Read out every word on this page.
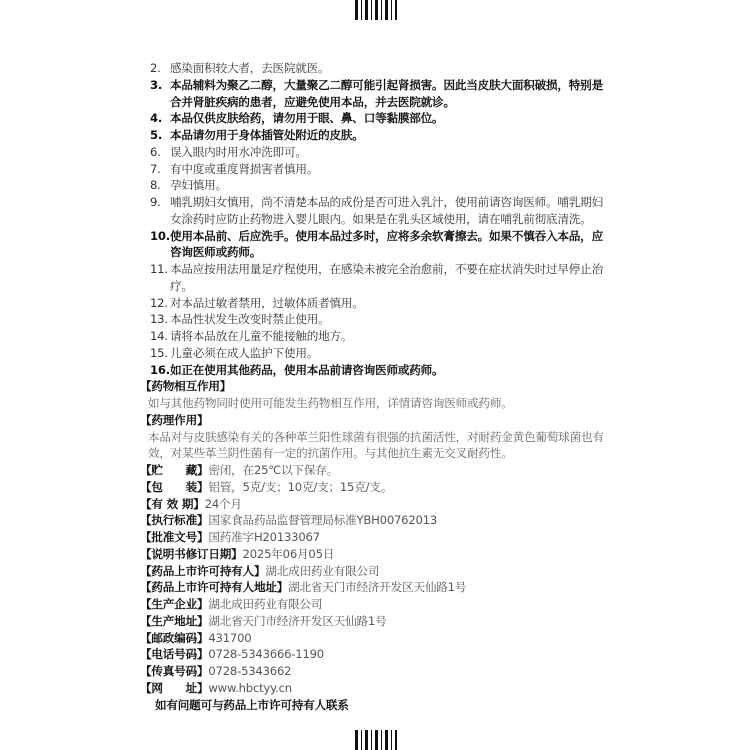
2. 感染面积较大者，去医院就医。
3. 本品辅料为聚乙二醇，大量聚乙二醇可能引起肾损害。因此当皮肤大面积破损，特别是合并肾脏疾病的患者，应避免使用本品，并去医院就诊。
4. 本品仅供皮肤给药，请勿用于眼、鼻、口等黏膜部位。
5. 本品请勿用于身体插管处附近的皮肤。
6. 误入眼内时用水冲洗即可。
7. 有中度或重度肾损害者慎用。
8. 孕妇慎用。
9. 哺乳期妇女慎用，尚不清楚本品的成份是否可进入乳汁，使用前请咨询医师。哺乳期妇女涂药时应防止药物进入婴儿眼内。如果是在乳头区域使用，请在哺乳前彻底清洗。
10. 使用本品前、后应洗手。使用本品过多时，应将多余软膏擦去。如果不慎吞入本品，应咨询医师或药师。
11. 本品应按用法用量足疗程使用，在感染未被完全治愈前，不要在症状消失时过早停止治疗。
12. 对本品过敏者禁用，过敏体质者慎用。
13. 本品性状发生改变时禁止使用。
14. 请将本品放在儿童不能接触的地方。
15. 儿童必须在成人监护下使用。
16. 如正在使用其他药品，使用本品前请咨询医师或药师。
【药物相互作用】
如与其他药物同时使用可能发生药物相互作用，详情请咨询医师或药师。
【药理作用】
本品对与皮肤感染有关的各种革兰阳性球菌有很强的抗菌活性，对耐药金黄色葡萄球菌也有效，对某些革兰阴性菌有一定的抗菌作用。与其他抗生素无交叉耐药性。
【贮　　藏】密闭，在25℃以下保存。
【包　　装】铝管，5克/支；10克/支；15克/支。
【有 效 期】24个月
【执行标准】国家食品药品监督管理局标准YBH00762013
【批准文号】国药准字H20133067
【说明书修订日期】2025年06月05日
【药品上市许可持有人】湖北成田药业有限公司
【药品上市许可持有人地址】湖北省天门市经济开发区天仙路1号
【生产企业】湖北成田药业有限公司
【生产地址】湖北省天门市经济开发区天仙路1号
【邮政编码】431700
【电话号码】0728-5343666-1190
【传真号码】0728-5343662
【网　　址】www.hbctyy.cn
如有问题可与药品上市许可持有人联系
